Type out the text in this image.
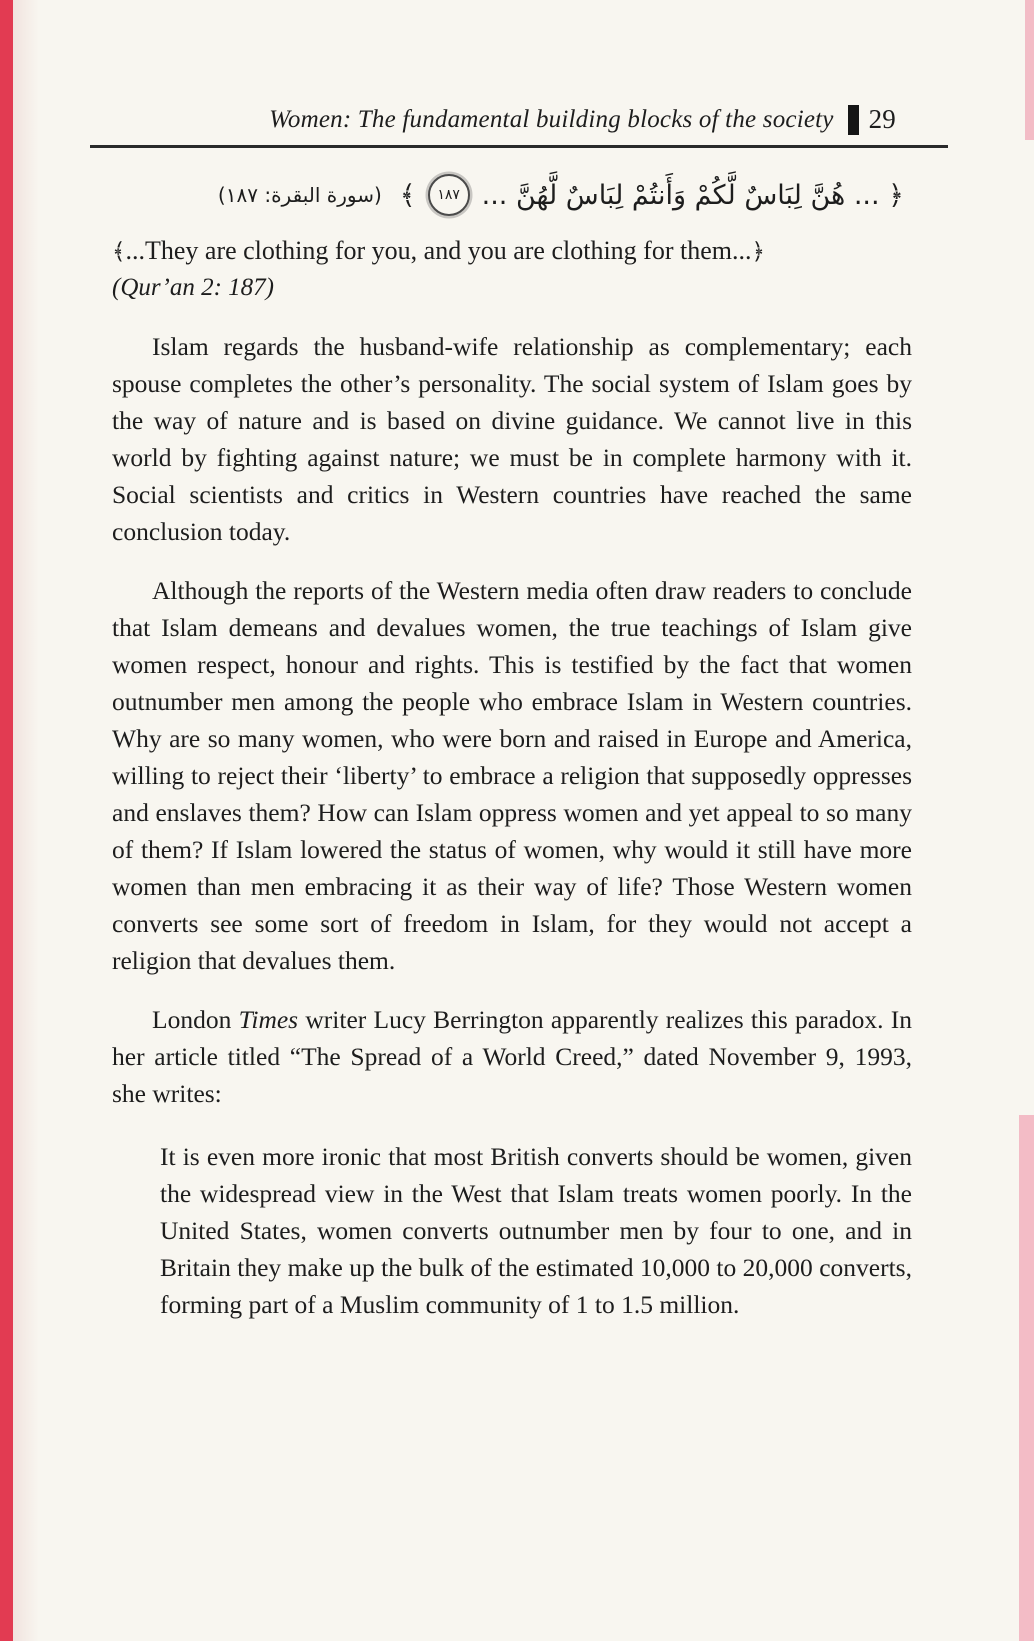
Women: The fundamental building blocks of the society 29
﴿ ... هُنَّ لِبَاسٌ لَّكُمْ وَأَنتُمْ لِبَاسٌ لَّهُنَّ ...
١٨٧
﴾
(سورة البقرة: ١٨٧)

﴾...They are clothing for you, and you are clothing for them...﴿

(Qur’an 2: 187)

Islam regards the husband-wife relationship as complementary; each spouse completes the other’s personality. The social system of Islam goes by the way of nature and is based on divine guidance. We cannot live in this world by fighting against nature; we must be in complete harmony with it. Social scientists and critics in Western countries have reached the same conclusion today.

Although the reports of the Western media often draw readers to conclude that Islam demeans and devalues women, the true teachings of Islam give women respect, honour and rights. This is testified by the fact that women outnumber men among the people who embrace Islam in Western countries. Why are so many women, who were born and raised in Europe and America, willing to reject their ‘liberty’ to embrace a religion that supposedly oppresses and enslaves them? How can Islam oppress women and yet appeal to so many of them? If Islam lowered the status of women, why would it still have more women than men embracing it as their way of life? Those Western women converts see some sort of freedom in Islam, for they would not accept a religion that devalues them.

London Times writer Lucy Berrington apparently realizes this paradox. In her article titled “The Spread of a World Creed,” dated November 9, 1993, she writes:

It is even more ironic that most British converts should be women, given the widespread view in the West that Islam treats women poorly. In the United States, women converts outnumber men by four to one, and in Britain they make up the bulk of the estimated 10,000 to 20,000 converts, forming part of a Muslim community of 1 to 1.5 million.
